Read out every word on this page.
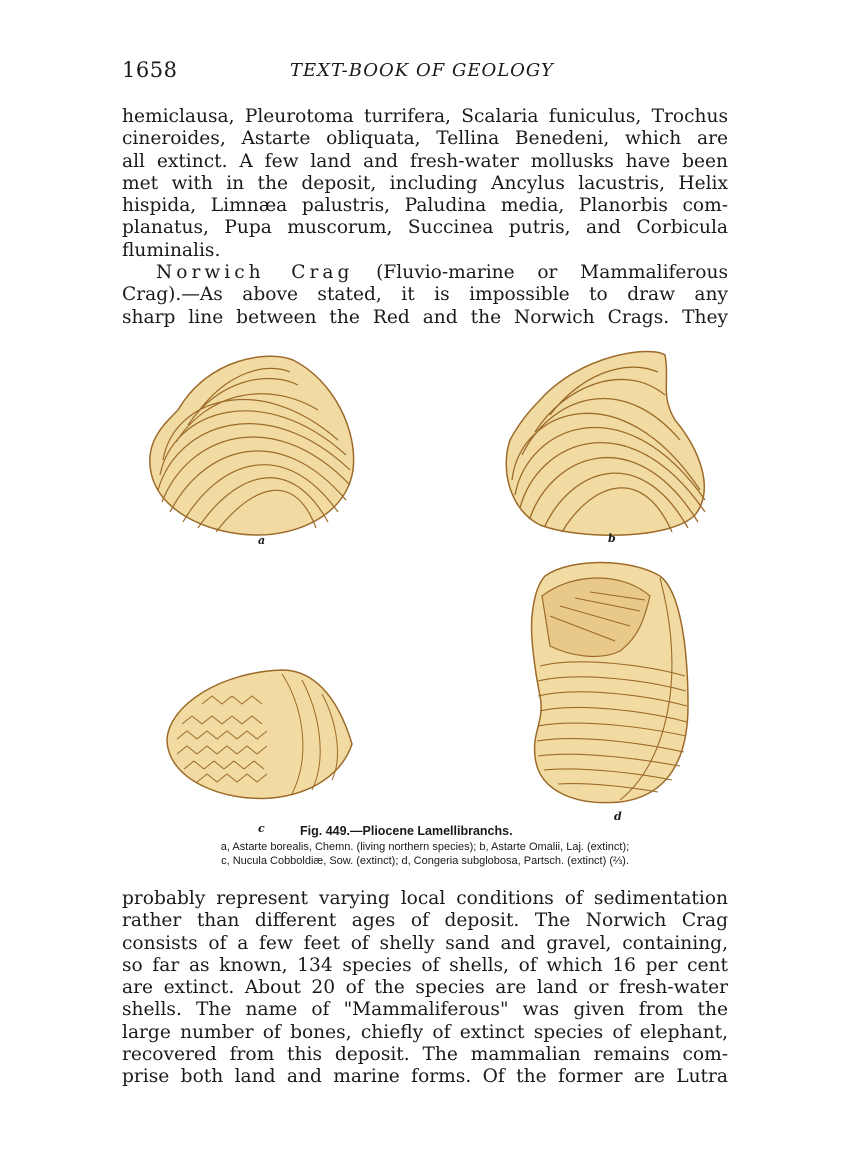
1658	TEXT-BOOK OF GEOLOGY
hemiclausa, Pleurotoma turrifera, Scalaria funiculus, Trochus
cineroides, Astarte obliquata, Tellina Benedeni, which are
all extinct. A few land and fresh-water mollusks have been
met with in the deposit, including Ancylus lacustris, Helix
hispida, Limnæa palustris, Paludina media, Planorbis com-
planatus, Pupa muscorum, Succinea putris, and Corbicula
fluminalis.
Norwich Crag (Fluvio-marine or Mammaliferous
Crag).—As above stated, it is impossible to draw any
sharp line between the Red and the Norwich Crags. They
a	b
c
d
Fig. 449.—Pliocene Lamellibranchs.
a, Astarte borealis, Chemn. (living northern species); b, Astarte Omalii, Laj. (extinct);
c, Nucula Cobboldiæ, Sow. (extinct); d, Congeria subglobosa, Partsch. (extinct) (⅔).
probably represent varying local conditions of sedimentation
rather than different ages of deposit. The Norwich Crag
consists of a few feet of shelly sand and gravel, containing,
so far as known, 134 species of shells, of which 16 per cent
are extinct. About 20 of the species are land or fresh-water
shells. The name of "Mammaliferous" was given from the
large number of bones, chiefly of extinct species of elephant,
recovered from this deposit. The mammalian remains com-
prise both land and marine forms. Of the former are Lutra
